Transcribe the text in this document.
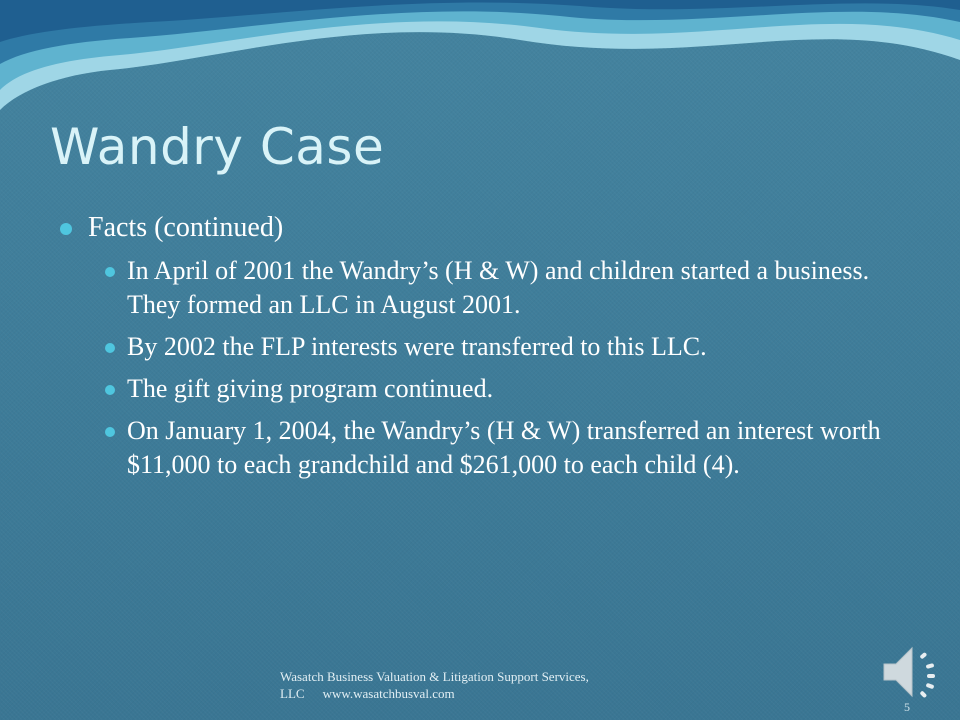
Wandry Case
Facts (continued)
In April of 2001 the Wandry’s (H & W) and children started a business. They formed an LLC in August 2001.
By 2002 the FLP interests were transferred to this LLC.
The gift giving program continued.
On January 1, 2004, the Wandry’s (H & W) transferred an interest worth $11,000 to each grandchild and $261,000 to each child (4).
Wasatch Business Valuation & Litigation Support Services, LLC www.wasatchbusval.com
5
